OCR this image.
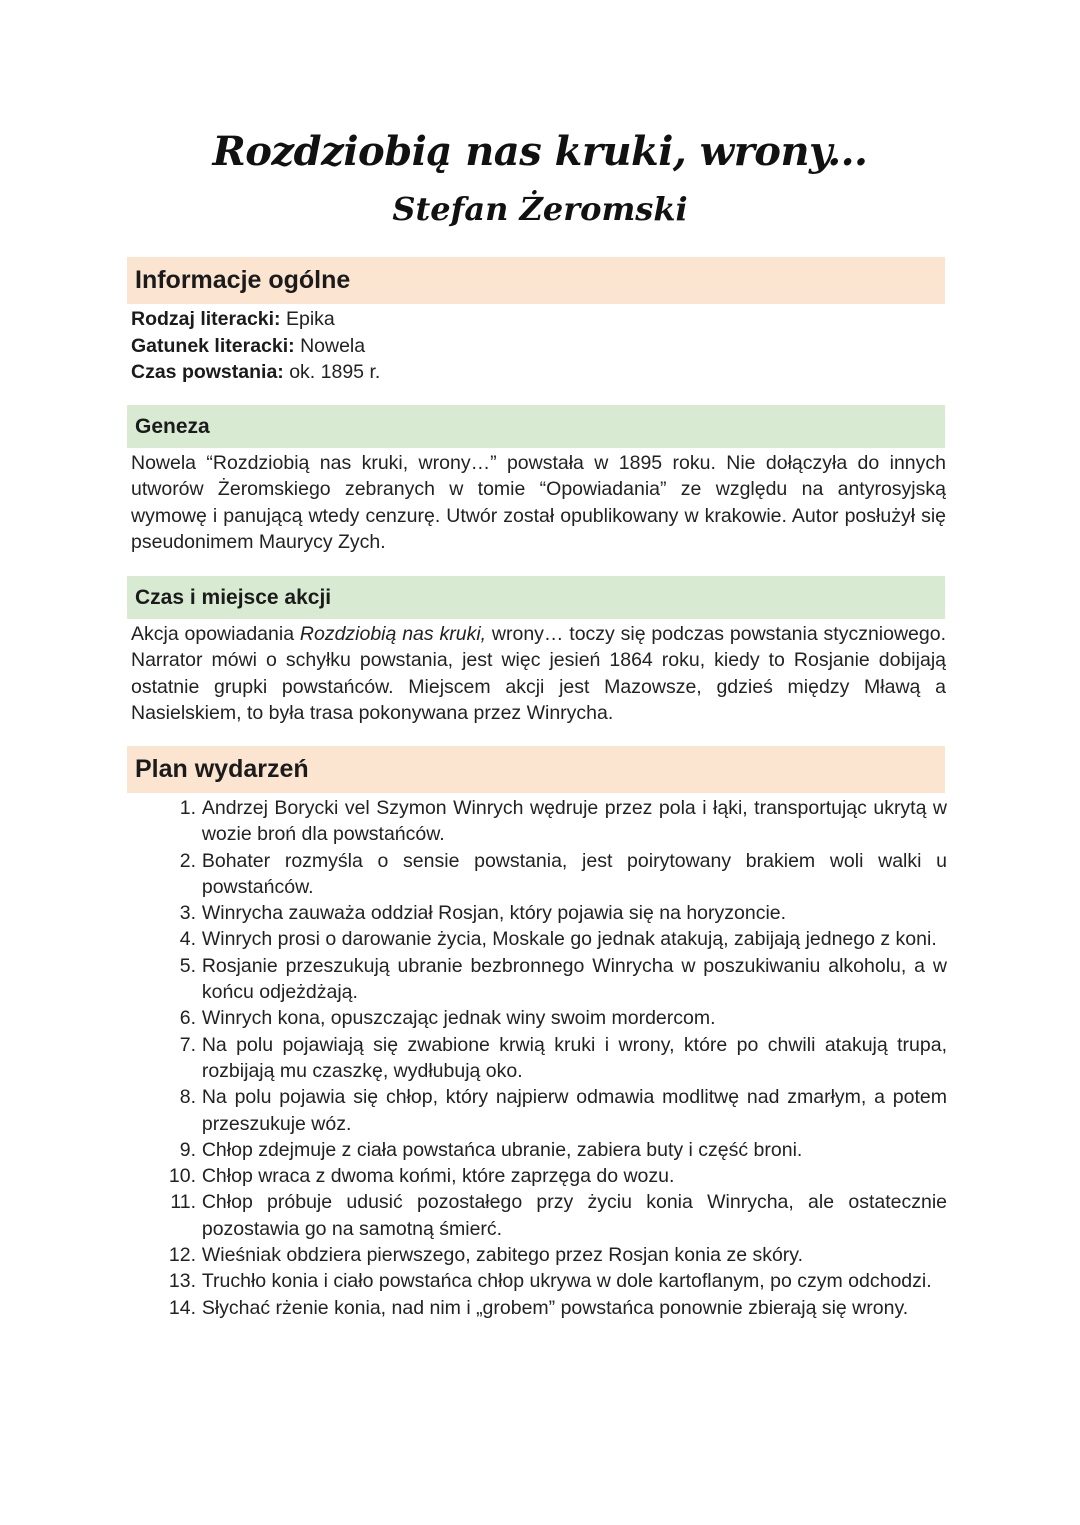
Rozdziobią nas kruki, wrony...
Stefan Żeromski
Informacje ogólne
Rodzaj literacki: Epika
Gatunek literacki: Nowela
Czas powstania: ok. 1895 r.
Geneza
Nowela “Rozdziobią nas kruki, wrony…” powstała w 1895 roku. Nie dołączyła do innych utworów Żeromskiego zebranych w tomie “Opowiadania” ze względu na antyrosyjską wymowę i panującą wtedy cenzurę. Utwór został opublikowany w krakowie. Autor posłużył się pseudonimem Maurycy Zych.
Czas i miejsce akcji
Akcja opowiadania Rozdziobią nas kruki, wrony… toczy się podczas powstania styczniowego. Narrator mówi o schyłku powstania, jest więc jesień 1864 roku, kiedy to Rosjanie dobijają ostatnie grupki powstańców. Miejscem akcji jest Mazowsze, gdzieś między Mławą a Nasielskiem, to była trasa pokonywana przez Winrycha.
Plan wydarzeń
1. Andrzej Borycki vel Szymon Winrych wędruje przez pola i łąki, transportując ukrytą w wozie broń dla powstańców.
2. Bohater rozmyśla o sensie powstania, jest poirytowany brakiem woli walki u powstańców.
3. Winrycha zauważa oddział Rosjan, który pojawia się na horyzoncie.
4. Winrych prosi o darowanie życia, Moskale go jednak atakują, zabijają jednego z koni.
5. Rosjanie przeszukują ubranie bezbronnego Winrycha w poszukiwaniu alkoholu, a w końcu odjeżdżają.
6. Winrych kona, opuszczając jednak winy swoim mordercom.
7. Na polu pojawiają się zwabione krwią kruki i wrony, które po chwili atakują trupa, rozbijają mu czaszkę, wydłubują oko.
8. Na polu pojawia się chłop, który najpierw odmawia modlitwę nad zmarłym, a potem przeszukuje wóz.
9. Chłop zdejmuje z ciała powstańca ubranie, zabiera buty i część broni.
10. Chłop wraca z dwoma końmi, które zaprzęga do wozu.
11. Chłop próbuje udusić pozostałego przy życiu konia Winrycha, ale ostatecznie pozostawia go na samotną śmierć.
12. Wieśniak obdziera pierwszego, zabitego przez Rosjan konia ze skóry.
13. Truchło konia i ciało powstańca chłop ukrywa w dole kartoflanym, po czym odchodzi.
14. Słychać rżenie konia, nad nim i „grobem” powstańca ponownie zbierają się wrony.
